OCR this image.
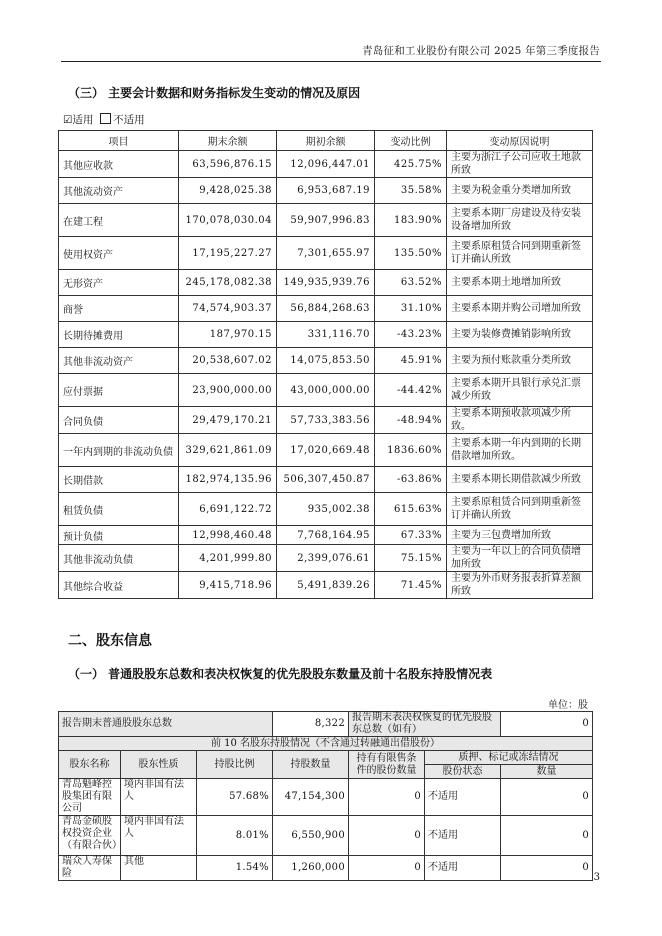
青岛征和工业股份有限公司 2025 年第三季度报告
（三） 主要会计数据和财务指标发生变动的情况及原因
☑适用 不适用
项目	期末余额	期初余额	变动比例	变动原因说明
其他应收款	63,596,876.15	12,096,447.01	425.75%	主要为浙江子公司应收土地款所致
其他流动资产	9,428,025.38	6,953,687.19	35.58%	主要为税金重分类增加所致
在建工程	170,078,030.04	59,907,996.83	183.90%	主要系本期厂房建设及待安装设备增加所致
使用权资产	17,195,227.27	7,301,655.97	135.50%	主要系原租赁合同到期重新签订并确认所致
无形资产	245,178,082.38	149,935,939.76	63.52%	主要系本期土地增加所致
商誉	74,574,903.37	56,884,268.63	31.10%	主要系本期并购公司增加所致
长期待摊费用	187,970.15	331,116.70	-43.23%	主要为装修费摊销影响所致
其他非流动资产	20,538,607.02	14,075,853.50	45.91%	主要为预付账款重分类所致
应付票据	23,900,000.00	43,000,000.00	-44.42%	主要系本期开具银行承兑汇票减少所致
合同负债	29,479,170.21	57,733,383.56	-48.94%	主要系本期预收款项减少所致。
一年内到期的非流动负债	329,621,861.09	17,020,669.48	1836.60%	主要系本期一年内到期的长期借款增加所致。
长期借款	182,974,135.96	506,307,450.87	-63.86%	主要系本期长期借款减少所致
租赁负债	6,691,122.72	935,002.38	615.63%	主要系原租赁合同到期重新签订并确认所致
预计负债	12,998,460.48	7,768,164.95	67.33%	主要为三包费增加所致
其他非流动负债	4,201,999.80	2,399,076.61	75.15%	主要为一年以上的合同负债增加所致
其他综合收益	9,415,718.96	5,491,839.26	71.45%	主要为外币财务报表折算差额所致
二、股东信息
（一） 普通股股东总数和表决权恢复的优先股股东数量及前十名股东持股情况表
单位：股
报告期末普通股股东总数			8,322	报告期末表决权恢复的优先股股东总数（如有）		0
前 10 名股东持股情况（不含通过转融通出借股份）						
股东名称	股东性质	持股比例	持股数量	持有有限售条件的股份数量	质押、标记或冻结情况	
					股份状态	数量
青岛魁峰控股集团有限公司	境内非国有法人	57.68%	47,154,300	0	不适用	0
青岛金硕股权投资企业（有限合伙）	境内非国有法人	8.01%	6,550,900	0	不适用	0
瑞众人寿保险	其他	1.54%	1,260,000	0	不适用	0
3
